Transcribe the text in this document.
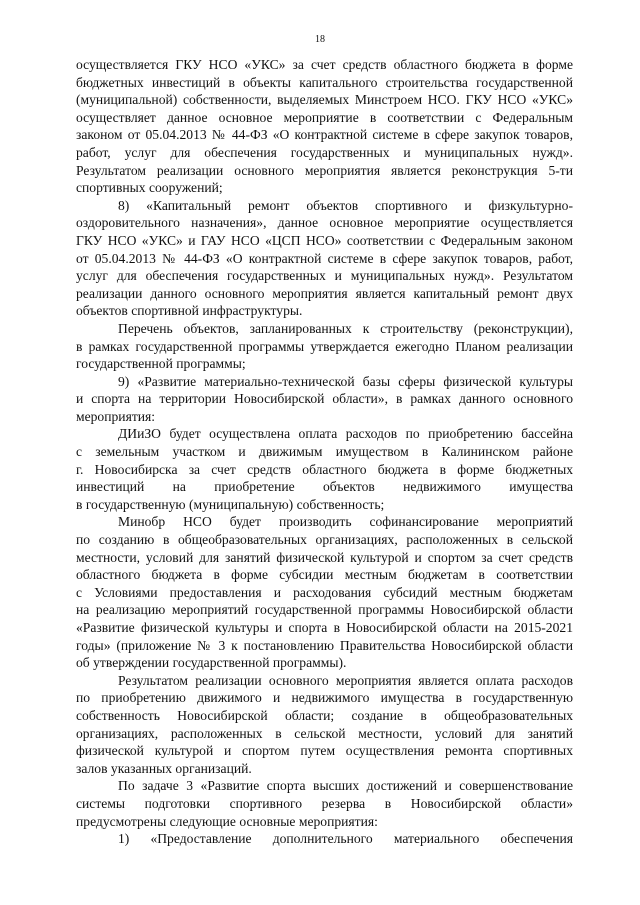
18
осуществляется ГКУ НСО «УКС» за счет средств областного бюджета в форме
бюджетных инвестиций в объекты капитального строительства государственной
(муниципальной) собственности, выделяемых Минстроем НСО. ГКУ НСО «УКС»
осуществляет данное основное мероприятие в соответствии с Федеральным
законом от 05.04.2013 № 44-ФЗ «О контрактной системе в сфере закупок товаров,
работ, услуг для обеспечения государственных и муниципальных нужд».
Результатом реализации основного мероприятия является реконструкция 5-ти
спортивных сооружений;
8) «Капитальный ремонт объектов спортивного и физкультурно-
оздоровительного назначения», данное основное мероприятие осуществляется
ГКУ НСО «УКС» и ГАУ НСО «ЦСП НСО» соответствии с Федеральным законом
от 05.04.2013 № 44-ФЗ «О контрактной системе в сфере закупок товаров, работ,
услуг для обеспечения государственных и муниципальных нужд». Результатом
реализации данного основного мероприятия является капитальный ремонт двух
объектов спортивной инфраструктуры.
Перечень объектов, запланированных к строительству (реконструкции),
в рамках государственной программы утверждается ежегодно Планом реализации
государственной программы;
9) «Развитие материально-технической базы сферы физической культуры
и спорта на территории Новосибирской области», в рамках данного основного
мероприятия:
ДИиЗО будет осуществлена оплата расходов по приобретению бассейна
с земельным участком и движимым имуществом в Калининском районе
г. Новосибирска за счет средств областного бюджета в форме бюджетных
инвестиций на приобретение объектов недвижимого имущества
в государственную (муниципальную) собственность;
Минобр НСО будет производить софинансирование мероприятий
по созданию в общеобразовательных организациях, расположенных в сельской
местности, условий для занятий физической культурой и спортом за счет средств
областного бюджета в форме субсидии местным бюджетам в соответствии
с Условиями предоставления и расходования субсидий местным бюджетам
на реализацию мероприятий государственной программы Новосибирской области
«Развитие физической культуры и спорта в Новосибирской области на 2015-2021
годы» (приложение № 3 к постановлению Правительства Новосибирской области
об утверждении государственной программы).
Результатом реализации основного мероприятия является оплата расходов
по приобретению движимого и недвижимого имущества в государственную
собственность Новосибирской области; создание в общеобразовательных
организациях, расположенных в сельской местности, условий для занятий
физической культурой и спортом путем осуществления ремонта спортивных
залов указанных организаций.
По задаче 3 «Развитие спорта высших достижений и совершенствование
системы подготовки спортивного резерва в Новосибирской области»
предусмотрены следующие основные мероприятия:
1) «Предоставление дополнительного материального обеспечения
